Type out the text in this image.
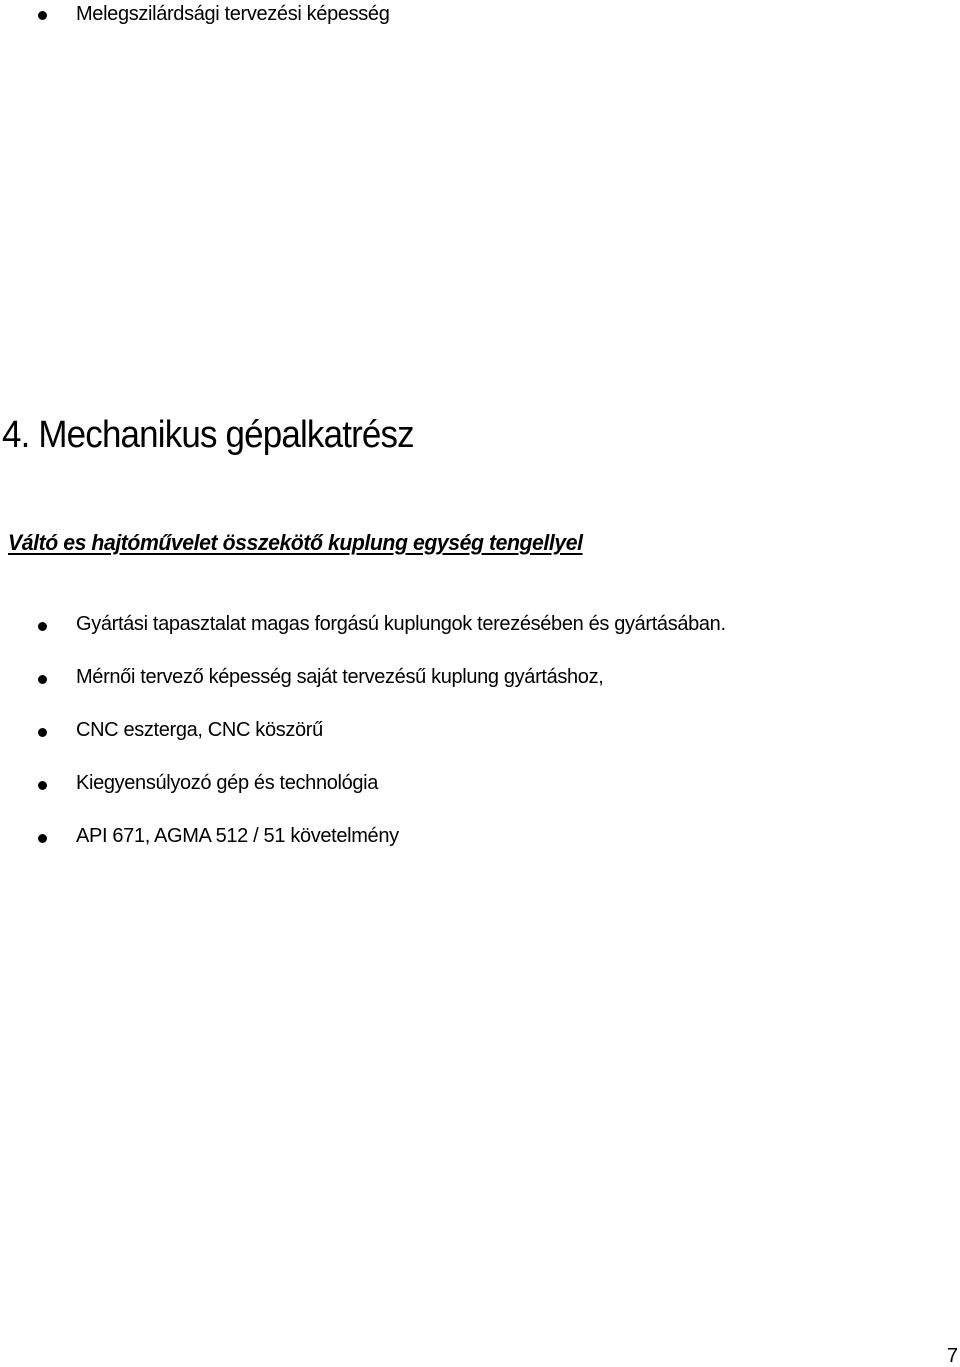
Melegszilárdsági tervezési képesség
4. Mechanikus gépalkatrész
Váltó es hajtóművelet összekötő kuplung egység tengellyel
Gyártási tapasztalat magas forgású kuplungok terezésében és gyártásában.
Mérnői tervező képesség saját tervezésű kuplung gyártáshoz,
CNC eszterga, CNC köszörű
Kiegyensúlyozó gép és technológia
API 671, AGMA 512 / 51 követelmény
7
